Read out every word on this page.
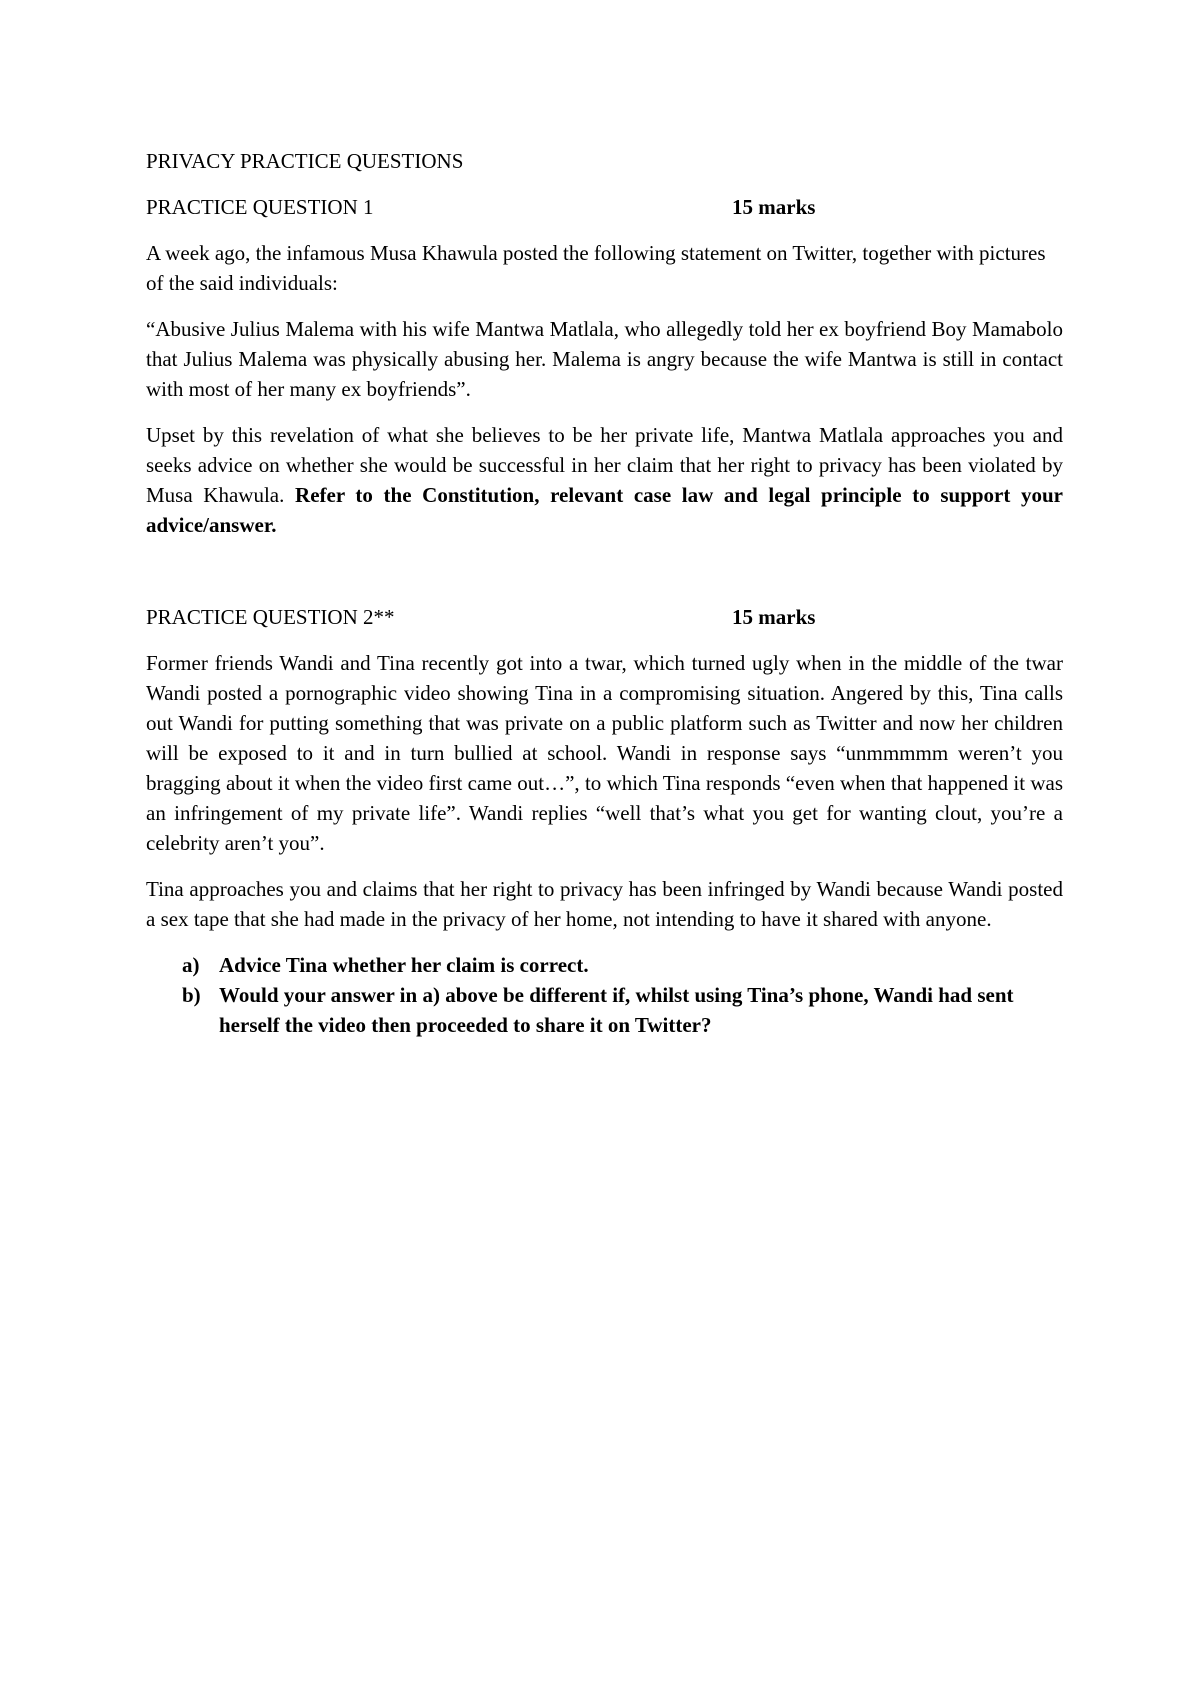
PRIVACY PRACTICE QUESTIONS
PRACTICE QUESTION 1	15 marks

A week ago, the infamous Musa Khawula posted the following statement on Twitter, together with pictures of the said individuals:

“Abusive Julius Malema with his wife Mantwa Matlala, who allegedly told her ex boyfriend Boy Mamabolo that Julius Malema was physically abusing her. Malema is angry because the wife Mantwa is still in contact with most of her many ex boyfriends”.

Upset by this revelation of what she believes to be her private life, Mantwa Matlala approaches you and seeks advice on whether she would be successful in her claim that her right to privacy has been violated by Musa Khawula. Refer to the Constitution, relevant case law and legal principle to support your advice/answer.

PRACTICE QUESTION 2**	15 marks

Former friends Wandi and Tina recently got into a twar, which turned ugly when in the middle of the twar Wandi posted a pornographic video showing Tina in a compromising situation. Angered by this, Tina calls out Wandi for putting something that was private on a public platform such as Twitter and now her children will be exposed to it and in turn bullied at school. Wandi in response says “unmmmmm weren’t you bragging about it when the video first came out…”, to which Tina responds “even when that happened it was an infringement of my private life”. Wandi replies “well that’s what you get for wanting clout, you’re a celebrity aren’t you”.

Tina approaches you and claims that her right to privacy has been infringed by Wandi because Wandi posted a sex tape that she had made in the privacy of her home, not intending to have it shared with anyone.

a) Advice Tina whether her claim is correct.
b) Would your answer in a) above be different if, whilst using Tina’s phone, Wandi had sent herself the video then proceeded to share it on Twitter?
